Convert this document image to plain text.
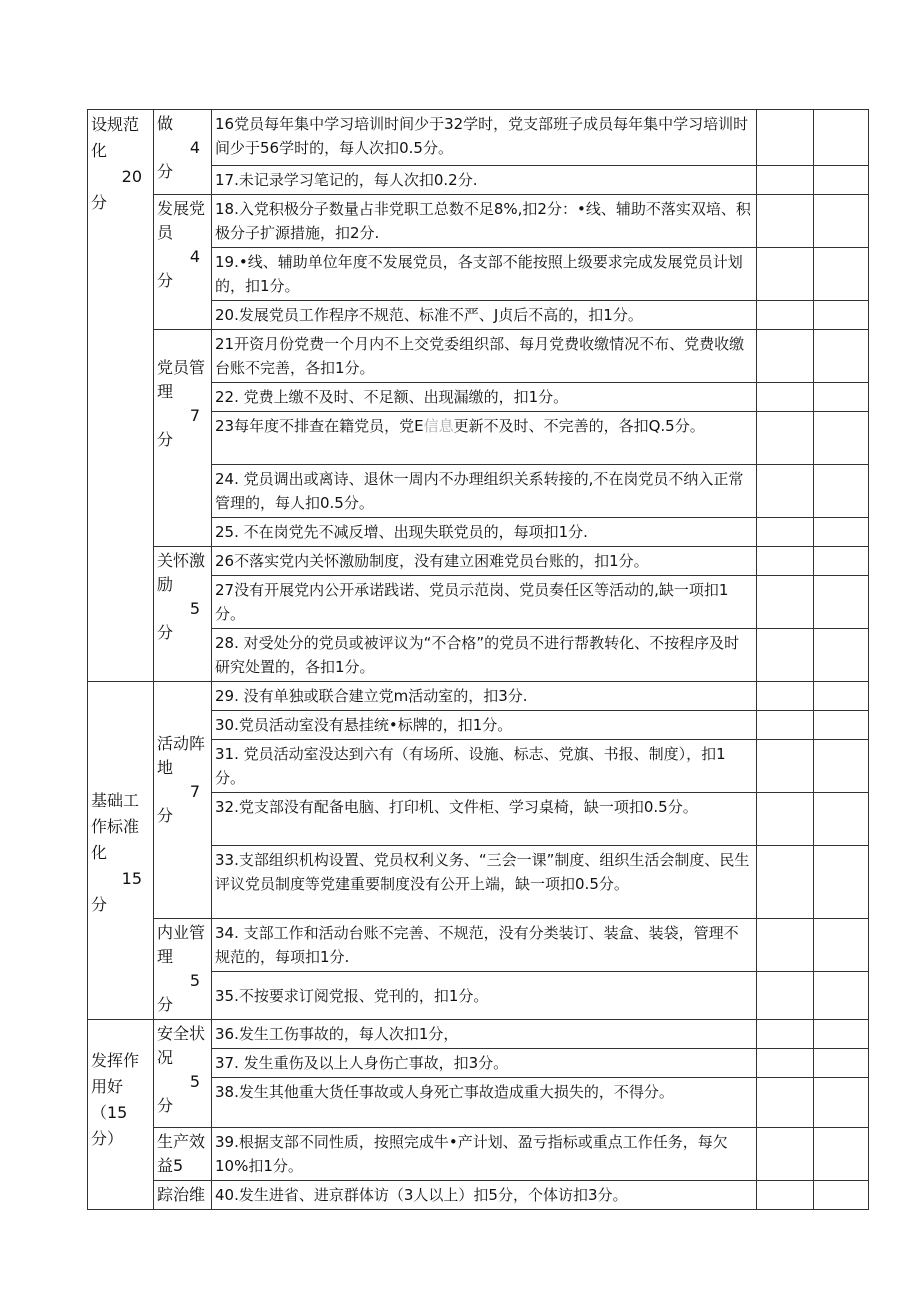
设规范
化

20
分	做

4
分	16党员每年集中学习培训时间少于32学时，党支部班子成员每年集中学习培训时间少于56学时的，每人次扣0.5分。		
		17.未记录学习笔记的，每人次扣0.2分.		
	发展党
员

4
分	18.入党积极分子数量占非党职工总数不足8%,扣2分：•线、辅助不落实双培、积极分子扩源措施，扣2分.		
		19.•线、辅助单位年度不发展党员，各支部不能按照上级要求完成发展党员计划的，扣1分。		
		20.发展党员工作程序不规范、标准不严、J贞后不高的，扣1分。		

党员管
理

7
分	21开资月份党费一个月内不上交党委组织部、每月党费收缴情况不布、党费收缴台账不完善，各扣1分。		
		22. 党费上缴不及时、不足额、出现漏缴的，扣1分。		
		23每年度不排查在籍党员，党E信息更新不及时、不完善的，各扣Q.5分。		
		24. 党员调出或离诗、退休一周内不办理组织关系转接的,不在岗党员不纳入正常管理的，每人扣0.5分。		
		25. 不在岗党先不减反增、出现失联党员的，每项扣1分.		
	关怀激
励

5
分	26不落实党内关怀激励制度，没有建立困难党员台账的，扣1分。		
		27没有开展党内公开承诺践诺、党员示范岗、党员奏任区等活动的,缺一项扣1分。		
		28. 对受处分的党员或被评议为“不合格”的党员不进行帮教转化、不按程序及时研究处置的，各扣1分。		

基础工
作标准
化

15
分	活动阵
地

7
分	29. 没有单独或联合建立党m活动室的，扣3分.		
		30.党员活动室没有悬挂统•标牌的，扣1分。		
		31. 党员活动室没达到六有（有场所、设施、标志、党旗、书报、制度），扣1分。		
		32.党支部没有配备电脑、打印机、文件柜、学习桌椅，缺一项扣0.5分。		
		33.支部组织机构设置、党员权利义务、“三会一课”制度、组织生活会制度、民生评议党员制度等党建重要制度没有公开上端，缺一项扣0.5分。		
	内业管
理

5
分	34. 支部工作和活动台账不完善、不规范，没有分类装订、装盒、装袋，管理不规范的，每项扣1分.		
		35.不按要求订阅党报、党刊的，扣1分。		

发挥作
用好
（15
分）	安全状
况

5
分	36.发生工伤事故的，每人次扣1分，		
		37. 发生重伤及以上人身伤亡事故，扣3分。		
		38.发生其他重大货任事故或人身死亡事故造成重大损失的，不得分。		
	生产效
益5	39.根据支部不同性质，按照完成牛•产计划、盈亏指标或重点工作任务，每欠10%扣1分。		
	踪治维	40.发生进省、进京群体访（3人以上）扣5分，个体访扣3分。		
